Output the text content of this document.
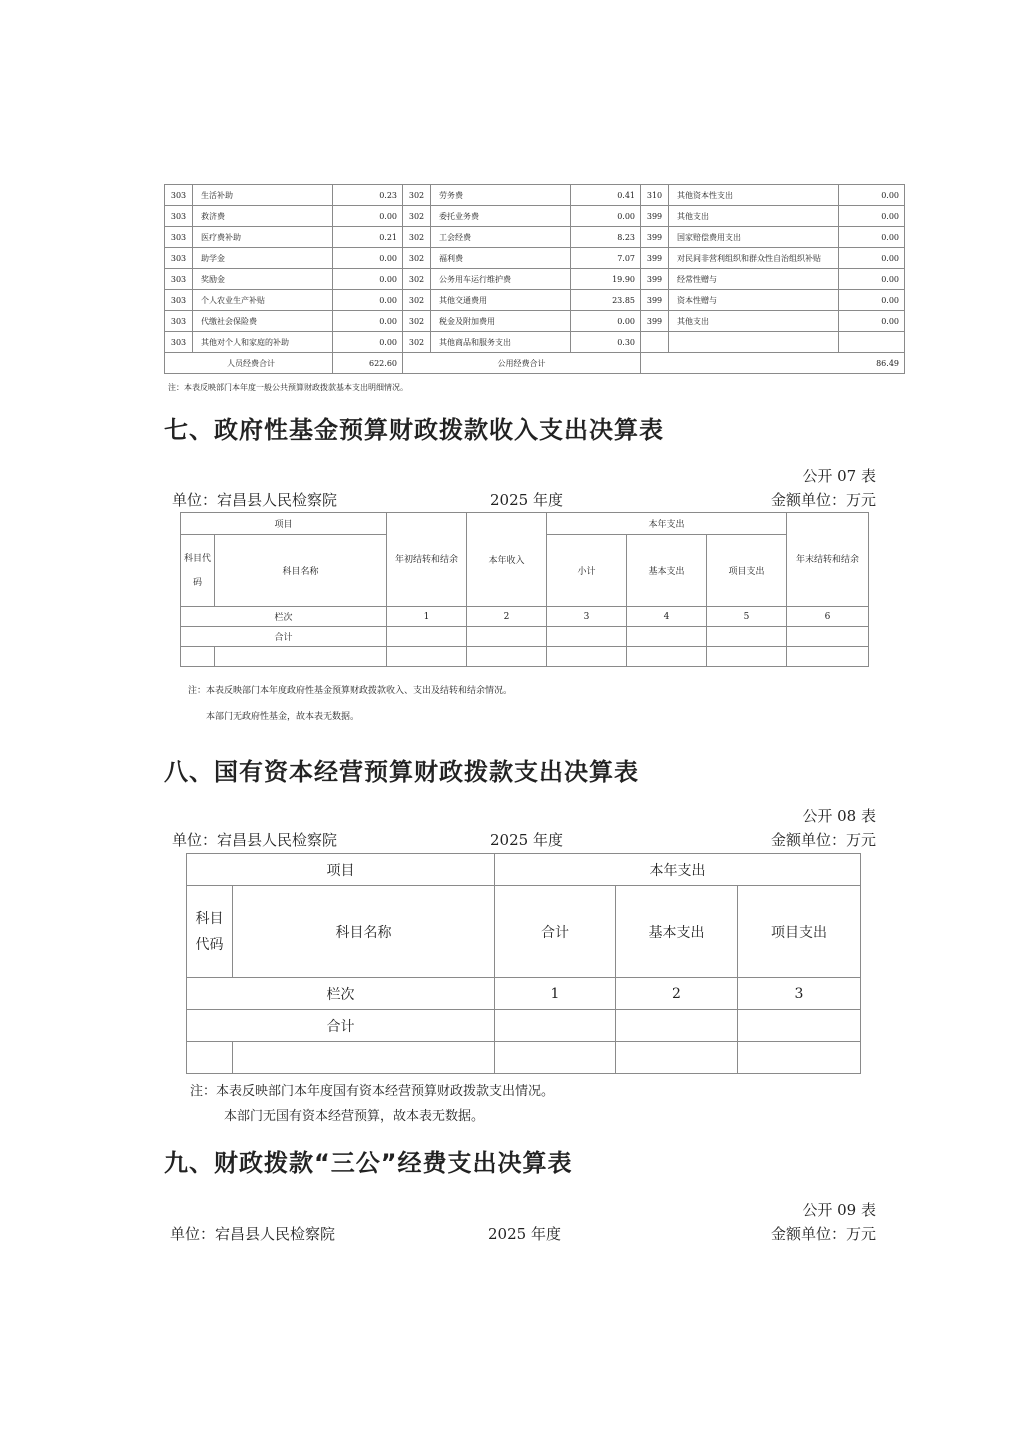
303	生活补助	0.23	302	劳务费	0.41	310	其他资本性支出	0.00
303	救济费	0.00	302	委托业务费	0.00	399	其他支出	0.00
303	医疗费补助	0.21	302	工会经费	8.23	399	国家赔偿费用支出	0.00
303	助学金	0.00	302	福利费	7.07	399	对民间非营利组织和群众性自治组织补贴	0.00
303	奖励金	0.00	302	公务用车运行维护费	19.90	399	经常性赠与	0.00
303	个人农业生产补贴	0.00	302	其他交通费用	23.85	399	资本性赠与	0.00
303	代缴社会保险费	0.00	302	税金及附加费用	0.00	399	其他支出	0.00
303	其他对个人和家庭的补助	0.00	302	其他商品和服务支出	0.30			
人员经费合计		622.60	公用经费合计			86.49		
注：本表反映部门本年度一般公共预算财政拨款基本支出明细情况。
七、政府性基金预算财政拨款收入支出决算表
公开 07 表
单位：宕昌县人民检察院	2025 年度	金额单位：万元
项目		年初结转和结余	本年收入	本年支出			年末结转和结余
科目代码	科目名称			小计	基本支出	项目支出	
栏次		1	2	3	4	5	6
合计							

注：本表反映部门本年度政府性基金预算财政拨款收入、支出及结转和结余情况。
本部门无政府性基金，故本表无数据。
八、国有资本经营预算财政拨款支出决算表
公开 08 表
单位：宕昌县人民检察院	2025 年度	金额单位：万元
项目		本年支出		
科目代码	科目名称	合计	基本支出	项目支出
栏次		1	2	3
合计				

注：本表反映部门本年度国有资本经营预算财政拨款支出情况。
本部门无国有资本经营预算，故本表无数据。
九、财政拨款“三公”经费支出决算表
公开 09 表
单位：宕昌县人民检察院	2025 年度	金额单位：万元
